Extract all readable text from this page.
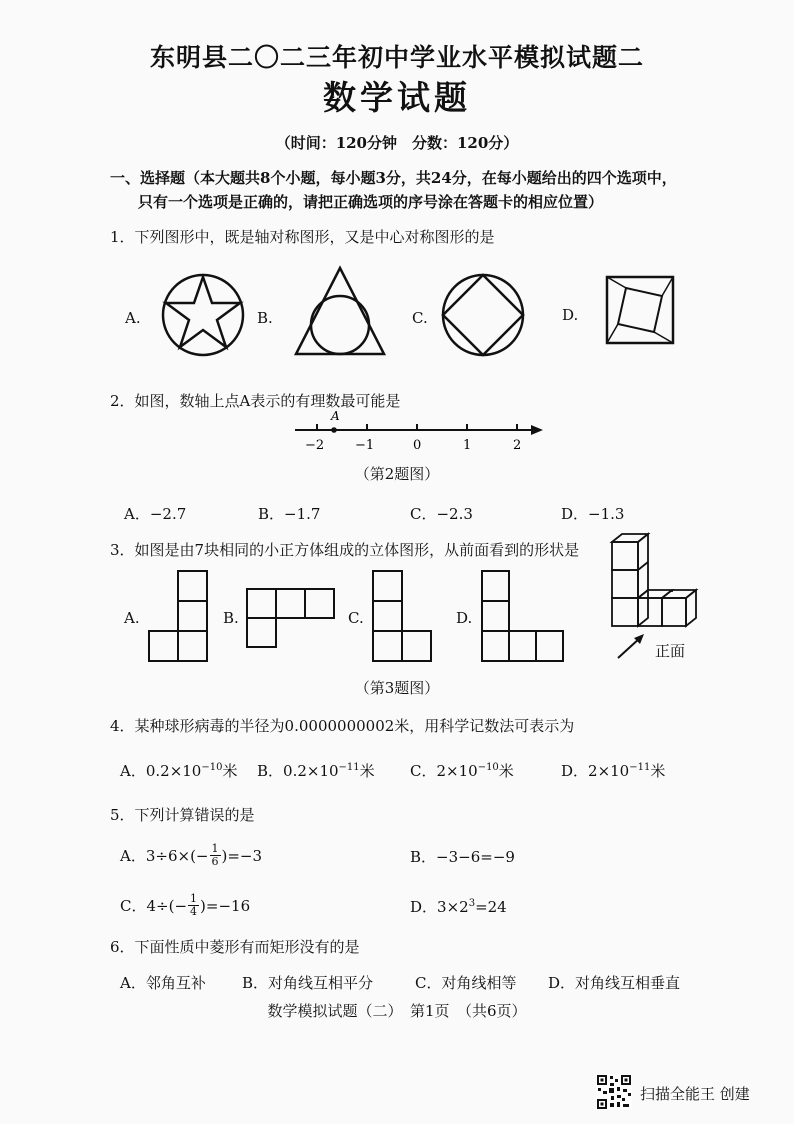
东明县二〇二三年初中学业水平模拟试题二
数学试题
（时间：120分钟　分数：120分）
一、选择题（本大题共8个小题，每小题3分，共24分，在每小题给出的四个选项中，
只有一个选项是正确的，请把正确选项的序号涂在答题卡的相应位置）
1．下列图形中，既是轴对称图形，又是中心对称图形的是
A.	B.	C.	D.
2．如图，数轴上点A表示的有理数最可能是
A
−2 −1	0	1	2
（第2题图）
A．−2.7	B．−1.7	C．−2.3	D．−1.3
3．如图是由7块相同的小正方体组成的立体图形，从前面看到的形状是
A.	B.	C.	D.
正面
（第3题图）
4．某种球形病毒的半径为0.0000000002米，用科学记数法可表示为
A．$0.2\times 10^{-10}$米 B．$0.2\times 10^{-11}$米 C．$2\times 10^{-10}$米	D．$2\times 10^{-11}$米
5．下列计算错误的是
A． $3\div 6\times(- \frac{1}{6} )=-3$	B．−3−6=−9
C． $4\div(- \frac{1}{4} )=-16$	D．$3\times 2^3=24$
6．下面性质中菱形有而矩形没有的是
A．邻角互补 B．对角线互相平分	C．对角线相等 D．对角线互相垂直
数学模拟试题（二）　第1页　（共6页）
扫描全能王 创建
